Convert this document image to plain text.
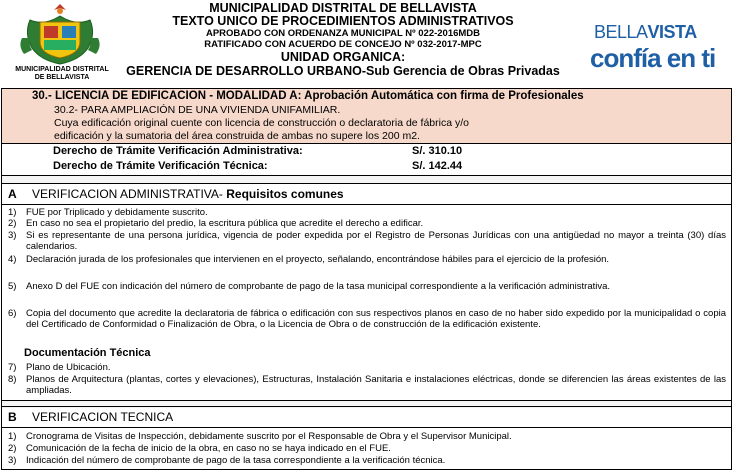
MUNICIPALIDAD DISTRITAL
DE BELLAVISTA
MUNICIPALIDAD DISTRITAL DE BELLAVISTA
TEXTO UNICO DE PROCEDIMIENTOS ADMINISTRATIVOS
APROBADO CON ORDENANZA MUNICIPAL Nº 022-2016MDB
RATIFICADO CON ACUERDO DE CONCEJO Nº 032-2017-MPC
UNIDAD ORGANICA:
GERENCIA DE DESARROLLO URBANO-Sub Gerencia de Obras Privadas
BELLAVISTA
confía en ti
30.- LICENCIA DE EDIFICACION - MODALIDAD A: Aprobación Automática con firma de Profesionales
30.2- PARA AMPLIACIÓN DE UNA VIVIENDA UNIFAMILIAR.
Cuya edificación original cuente con licencia de construcción o declaratoria de fábrica y/o
edificación y la sumatoria del área construida de ambas no supere los 200 m2.
Derecho de Trámite Verificación Administrativa:	S/. 310.10
Derecho de Trámite Verificación Técnica:	S/. 142.44
A VERIFICACION ADMINISTRATIVA- Requisitos comunes
1) FUE por Triplicado y debidamente suscrito.
2) En caso no sea el propietario del predio, la escritura pública que acredite el derecho a edificar.
3) Si es representante de una persona jurídica, vigencia de poder expedida por el Registro de Personas Jurídicas con una antigüedad no mayor a treinta (30) días calendarios.
4) Declaración jurada de los profesionales que intervienen en el proyecto, señalando, encontrándose hábiles para el ejercicio de la profesión.
5) Anexo D del FUE con indicación del número de comprobante de pago de la tasa municipal correspondiente a la verificación administrativa.
6) Copia del documento que acredite la declaratoria de fábrica o edificación con sus respectivos planos en caso de no haber sido expedido por la municipalidad o copia del Certificado de Conformidad o Finalización de Obra, o la Licencia de Obra o de construcción de la edificación existente.
Documentación Técnica
7) Plano de Ubicación.
8) Planos de Arquitectura (plantas, cortes y elevaciones), Estructuras, Instalación Sanitaria e instalaciones eléctricas, donde se diferencien las áreas existentes de las ampliadas.
B VERIFICACION TECNICA
1) Cronograma de Visitas de Inspección, debidamente suscrito por el Responsable de Obra y el Supervisor Municipal.
2) Comunicación de la fecha de inicio de la obra, en caso no se haya indicado en el FUE.
3) Indicación del número de comprobante de pago de la tasa correspondiente a la verificación técnica.
